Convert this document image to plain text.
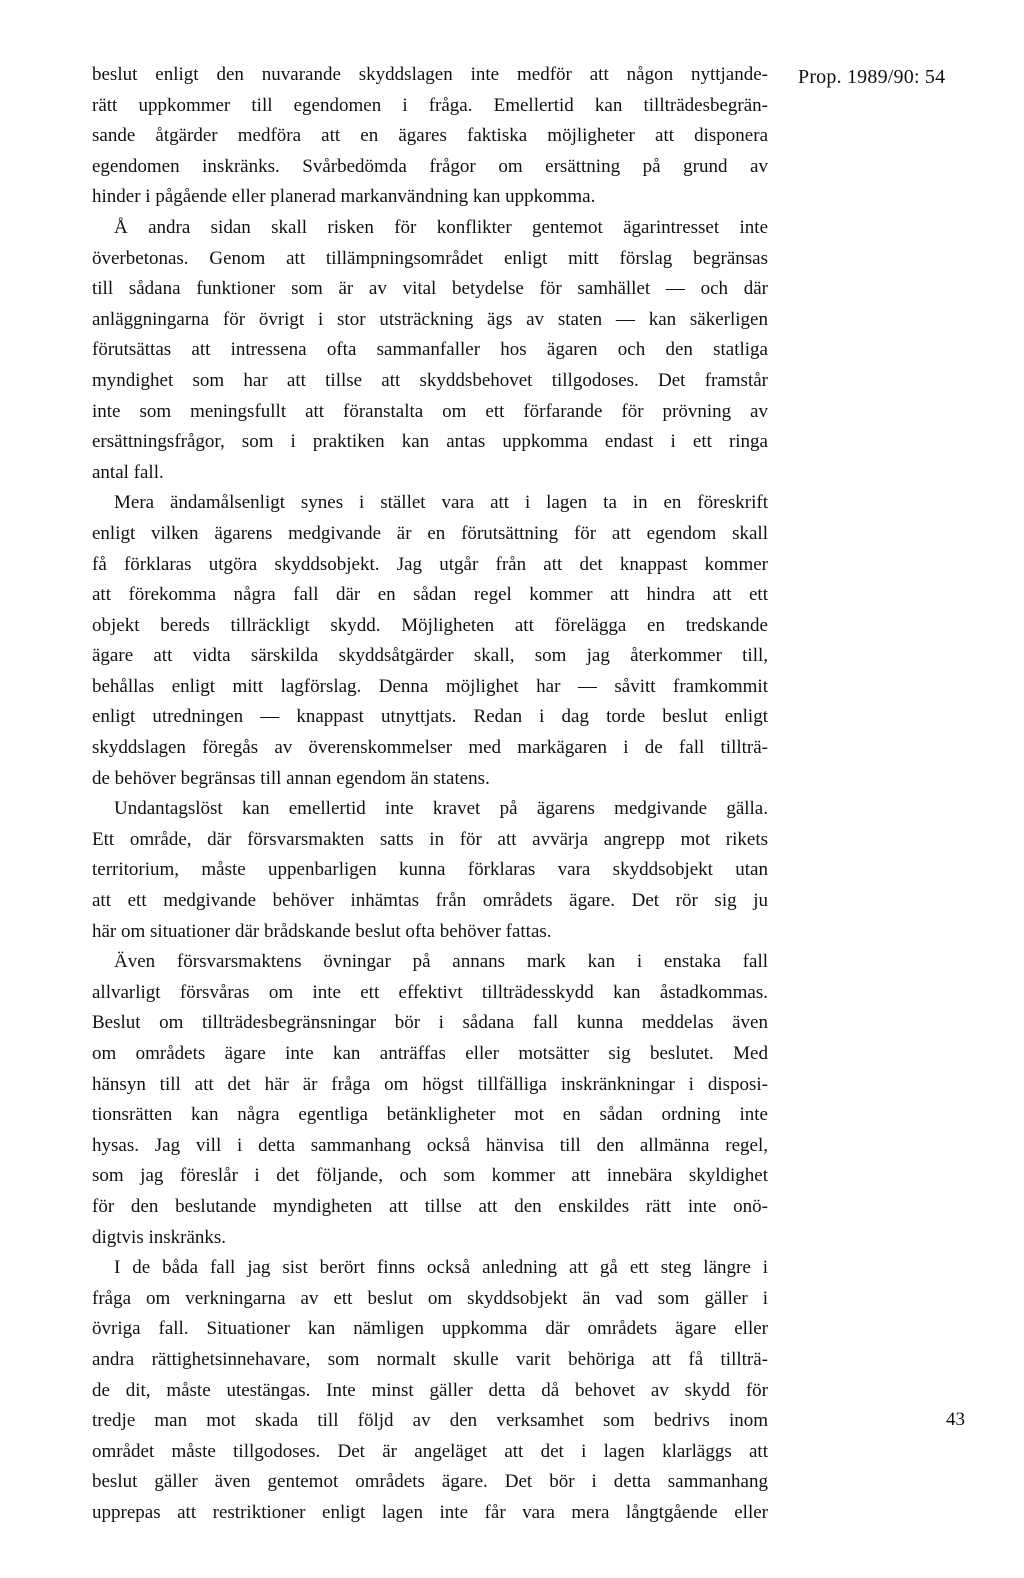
Prop. 1989/90: 54
beslut enligt den nuvarande skyddslagen inte medför att någon nyttjande-
rätt uppkommer till egendomen i fråga. Emellertid kan tillträdesbegrän-
sande åtgärder medföra att en ägares faktiska möjligheter att disponera
egendomen inskränks. Svårbedömda frågor om ersättning på grund av
hinder i pågående eller planerad markanvändning kan uppkomma.
Å andra sidan skall risken för konflikter gentemot ägarintresset inte
överbetonas. Genom att tillämpningsområdet enligt mitt förslag begränsas
till sådana funktioner som är av vital betydelse för samhället — och där
anläggningarna för övrigt i stor utsträckning ägs av staten — kan säkerligen
förutsättas att intressena ofta sammanfaller hos ägaren och den statliga
myndighet som har att tillse att skyddsbehovet tillgodoses. Det framstår
inte som meningsfullt att föranstalta om ett förfarande för prövning av
ersättningsfrågor, som i praktiken kan antas uppkomma endast i ett ringa
antal fall.
Mera ändamålsenligt synes i stället vara att i lagen ta in en föreskrift
enligt vilken ägarens medgivande är en förutsättning för att egendom skall
få förklaras utgöra skyddsobjekt. Jag utgår från att det knappast kommer
att förekomma några fall där en sådan regel kommer att hindra att ett
objekt bereds tillräckligt skydd. Möjligheten att förelägga en tredskande
ägare att vidta särskilda skyddsåtgärder skall, som jag återkommer till,
behållas enligt mitt lagförslag. Denna möjlighet har — såvitt framkommit
enligt utredningen — knappast utnyttjats. Redan i dag torde beslut enligt
skyddslagen föregås av överenskommelser med markägaren i de fall tillträ-
de behöver begränsas till annan egendom än statens.
Undantagslöst kan emellertid inte kravet på ägarens medgivande gälla.
Ett område, där försvarsmakten satts in för att avvärja angrepp mot rikets
territorium, måste uppenbarligen kunna förklaras vara skyddsobjekt utan
att ett medgivande behöver inhämtas från områdets ägare. Det rör sig ju
här om situationer där brådskande beslut ofta behöver fattas.
Även försvarsmaktens övningar på annans mark kan i enstaka fall
allvarligt försvåras om inte ett effektivt tillträdesskydd kan åstadkommas.
Beslut om tillträdesbegränsningar bör i sådana fall kunna meddelas även
om områdets ägare inte kan anträffas eller motsätter sig beslutet. Med
hänsyn till att det här är fråga om högst tillfälliga inskränkningar i disposi-
tionsrätten kan några egentliga betänkligheter mot en sådan ordning inte
hysas. Jag vill i detta sammanhang också hänvisa till den allmänna regel,
som jag föreslår i det följande, och som kommer att innebära skyldighet
för den beslutande myndigheten att tillse att den enskildes rätt inte onö-
digtvis inskränks.
I de båda fall jag sist berört finns också anledning att gå ett steg längre i
fråga om verkningarna av ett beslut om skyddsobjekt än vad som gäller i
övriga fall. Situationer kan nämligen uppkomma där områdets ägare eller
andra rättighetsinnehavare, som normalt skulle varit behöriga att få tillträ-
de dit, måste utestängas. Inte minst gäller detta då behovet av skydd för
tredje man mot skada till följd av den verksamhet som bedrivs inom
området måste tillgodoses. Det är angeläget att det i lagen klarläggs att
beslut gäller även gentemot områdets ägare. Det bör i detta sammanhang
upprepas att restriktioner enligt lagen inte får vara mera långtgående eller
43
